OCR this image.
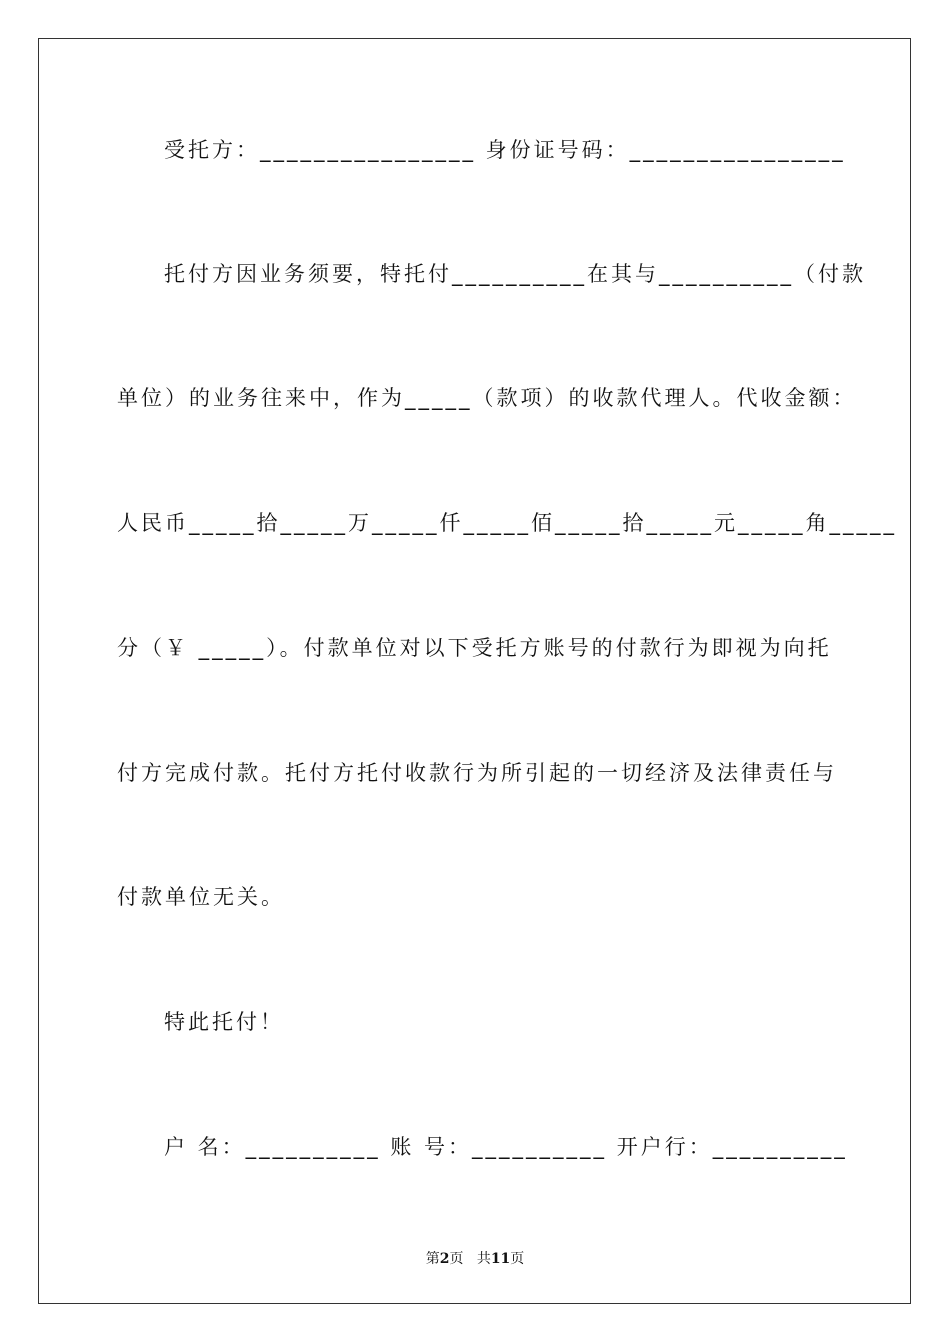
受托方：________________ 身份证号码：________________
托付方因业务须要，特托付__________在其与__________（付款
单位）的业务往来中，作为_____（款项）的收款代理人。代收金额：
人民币_____拾_____万_____仟_____佰_____拾_____元_____角_____
分（￥ _____）。付款单位对以下受托方账号的付款行为即视为向托
付方完成付款。托付方托付收款行为所引起的一切经济及法律责任与
付款单位无关。
特此托付！
户 名：__________ 账 号：__________ 开户行：__________
第2页 共11页
